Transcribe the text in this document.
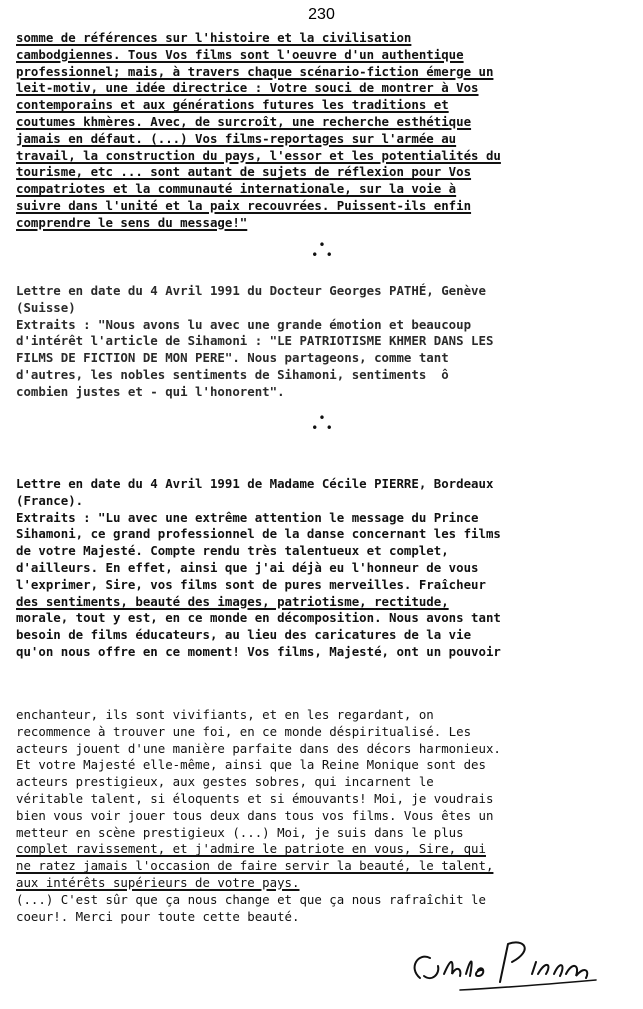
230
somme de références sur l'histoire et la civilisation
cambodgiennes. Tous Vos films sont l'oeuvre d'un authentique
professionnel; mais, à travers chaque scénario-fiction émerge un
leit-motiv, une idée directrice : Votre souci de montrer à Vos
contemporains et aux générations futures les traditions et
coutumes khmères. Avec, de surcroît, une recherche esthétique
jamais en défaut. (...) Vos films-reportages sur l'armée au
travail, la construction du pays, l'essor et les potentialités du
tourisme, etc ... sont autant de sujets de réflexion pour Vos
compatriotes et la communauté internationale, sur la voie à
suivre dans l'unité et la paix recouvrées. Puissent-ils enfin
comprendre le sens du message!"
•
• •
Lettre en date du 4 Avril 1991 du Docteur Georges PATHÉ, Genève
(Suisse)
Extraits : "Nous avons lu avec une grande émotion et beaucoup
d'intérêt l'article de Sihamoni : "LE PATRIOTISME KHMER DANS LES
FILMS DE FICTION DE MON PERE". Nous partageons, comme tant
d'autres, les nobles sentiments de Sihamoni, sentiments  ô
combien justes et - qui l'honorent".
•
• •
Lettre en date du 4 Avril 1991 de Madame Cécile PIERRE, Bordeaux
(France).
Extraits : "Lu avec une extrême attention le message du Prince
Sihamoni, ce grand professionnel de la danse concernant les films
de votre Majesté. Compte rendu très talentueux et complet,
d'ailleurs. En effet, ainsi que j'ai déjà eu l'honneur de vous
l'exprimer, Sire, vos films sont de pures merveilles. Fraîcheur
des sentiments, beauté des images, patriotisme, rectitude,
morale, tout y est, en ce monde en décomposition. Nous avons tant
besoin de films éducateurs, au lieu des caricatures de la vie
qu'on nous offre en ce moment! Vos films, Majesté, ont un pouvoir
enchanteur, ils sont vivifiants, et en les regardant, on
recommence à trouver une foi, en ce monde déspiritualisé. Les
acteurs jouent d'une manière parfaite dans des décors harmonieux.
Et votre Majesté elle-même, ainsi que la Reine Monique sont des
acteurs prestigieux, aux gestes sobres, qui incarnent le
véritable talent, si éloquents et si émouvants! Moi, je voudrais
bien vous voir jouer tous deux dans tous vos films. Vous êtes un
metteur en scène prestigieux (...) Moi, je suis dans le plus
complet ravissement, et j'admire le patriote en vous, Sire, qui
ne ratez jamais l'occasion de faire servir la beauté, le talent,
aux intérêts supérieurs de votre pays.
(...) C'est sûr que ça nous change et que ça nous rafraîchit le
coeur!. Merci pour toute cette beauté.
